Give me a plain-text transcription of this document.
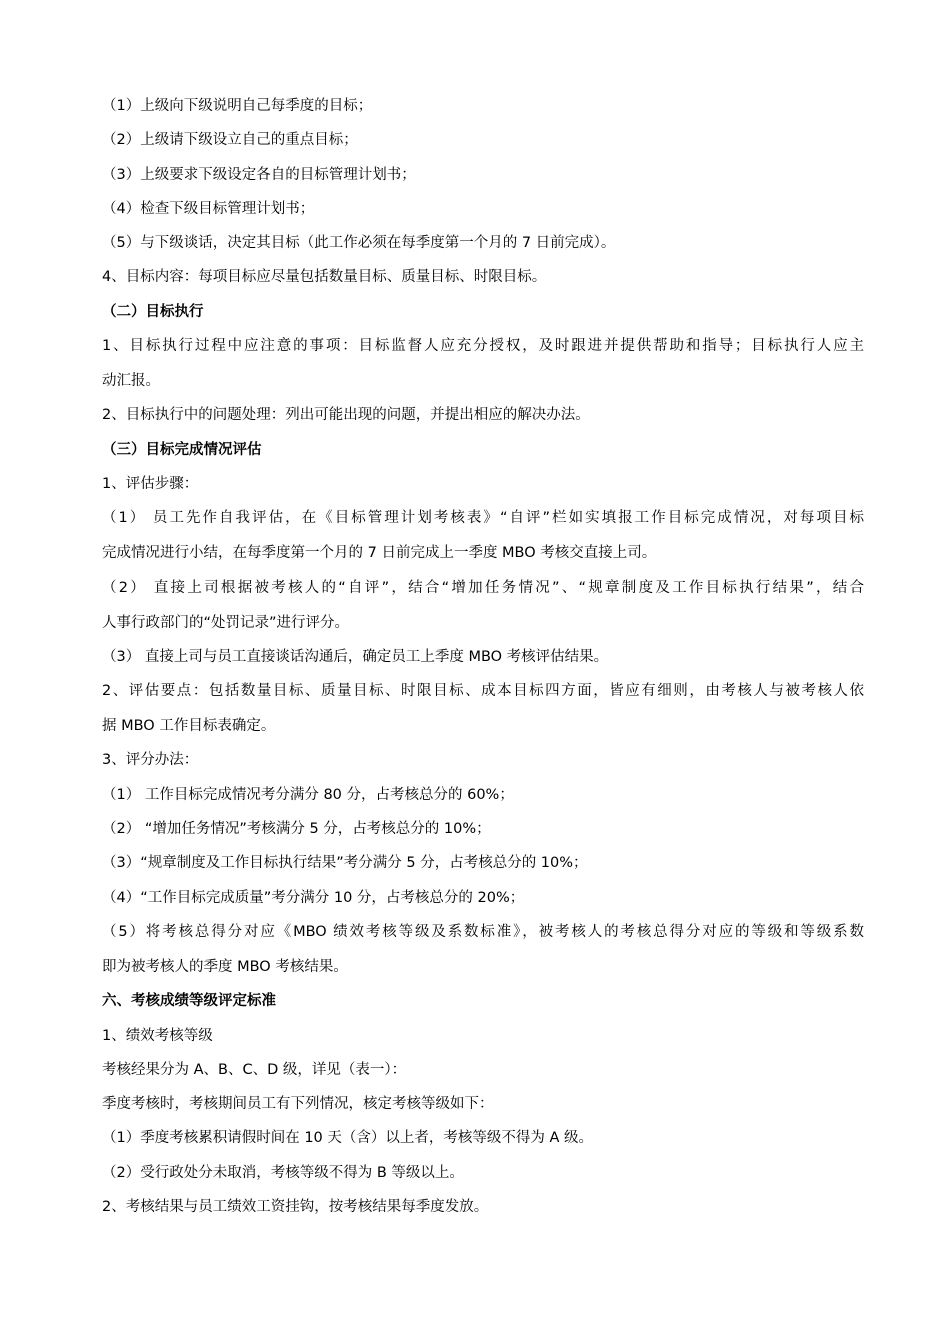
（1）上级向下级说明自己每季度的目标；
（2）上级请下级设立自己的重点目标；
（3）上级要求下级设定各自的目标管理计划书；
（4）检查下级目标管理计划书；
（5）与下级谈话，决定其目标（此工作必须在每季度第一个月的 7 日前完成）。
4、目标内容：每项目标应尽量包括数量目标、质量目标、时限目标。
（二）目标执行
1、目标执行过程中应注意的事项：目标监督人应充分授权，及时跟进并提供帮助和指导；目标执行人应主
动汇报。
2、目标执行中的问题处理：列出可能出现的问题，并提出相应的解决办法。
（三）目标完成情况评估
1、评估步骤：
（1） 员工先作自我评估，在《目标管理计划考核表》“自评”栏如实填报工作目标完成情况，对每项目标
完成情况进行小结，在每季度第一个月的 7 日前完成上一季度 MBO 考核交直接上司。
（2） 直接上司根据被考核人的“自评”，结合“增加任务情况”、“规章制度及工作目标执行结果”，结合
人事行政部门的“处罚记录”进行评分。
（3） 直接上司与员工直接谈话沟通后，确定员工上季度 MBO 考核评估结果。
2、评估要点：包括数量目标、质量目标、时限目标、成本目标四方面，皆应有细则，由考核人与被考核人依
据 MBO 工作目标表确定。
3、评分办法：
（1） 工作目标完成情况考分满分 80 分，占考核总分的 60%；
（2） “增加任务情况”考核满分 5 分，占考核总分的 10%；
（3）“规章制度及工作目标执行结果”考分满分 5 分，占考核总分的 10%；
（4）“工作目标完成质量”考分满分 10 分，占考核总分的 20%；
（5）将考核总得分对应《MBO 绩效考核等级及系数标准》，被考核人的考核总得分对应的等级和等级系数
即为被考核人的季度 MBO 考核结果。
六、考核成绩等级评定标准
1、绩效考核等级
考核经果分为 A、B、C、D 级，详见（表一）：
季度考核时，考核期间员工有下列情况，核定考核等级如下：
（1）季度考核累积请假时间在 10 天（含）以上者，考核等级不得为 A 级。
（2）受行政处分未取消，考核等级不得为 B 等级以上。
2、考核结果与员工绩效工资挂钩，按考核结果每季度发放。
